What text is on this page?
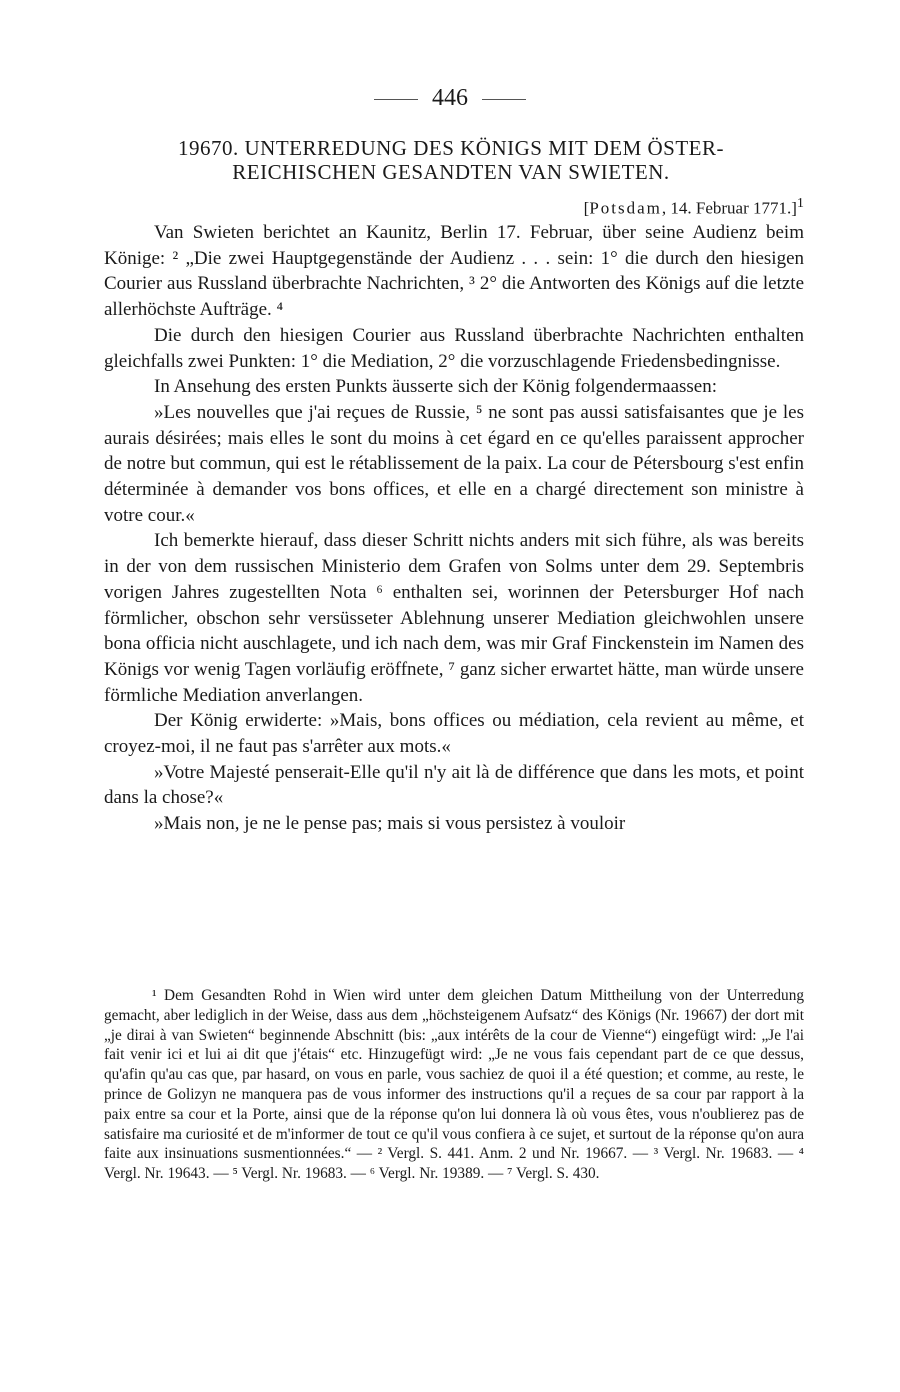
446
19670. UNTERREDUNG DES KÖNIGS MIT DEM ÖSTER-
REICHISCHEN GESANDTEN VAN SWIETEN.
[Potsdam, 14. Februar 1771.]$^1$

Van Swieten berichtet an Kaunitz, Berlin 17. Februar, über seine Audienz beim Könige: ² „Die zwei Hauptgegenstände der Audienz . . . sein: 1° die durch den hiesigen Courier aus Russland überbrachte Nachrichten, ³ 2° die Antworten des Königs auf die letzte allerhöchste Aufträge. ⁴

Die durch den hiesigen Courier aus Russland überbrachte Nachrichten enthalten gleichfalls zwei Punkten: 1° die Mediation, 2° die vorzuschlagende Friedensbedingnisse.

In Ansehung des ersten Punkts äusserte sich der König folgendermaassen:

»Les nouvelles que j'ai reçues de Russie, ⁵ ne sont pas aussi satisfaisantes que je les aurais désirées; mais elles le sont du moins à cet égard en ce qu'elles paraissent approcher de notre but commun, qui est le rétablissement de la paix. La cour de Pétersbourg s'est enfin déterminée à demander vos bons offices, et elle en a chargé directement son ministre à votre cour.«

Ich bemerkte hierauf, dass dieser Schritt nichts anders mit sich führe, als was bereits in der von dem russischen Ministerio dem Grafen von Solms unter dem 29. Septembris vorigen Jahres zugestellten Nota ⁶ enthalten sei, worinnen der Petersburger Hof nach förmlicher, obschon sehr versüsseter Ablehnung unserer Mediation gleichwohlen unsere bona officia nicht auschlagete, und ich nach dem, was mir Graf Finckenstein im Namen des Königs vor wenig Tagen vorläufig eröffnete, ⁷ ganz sicher erwartet hätte, man würde unsere förmliche Mediation anverlangen.

Der König erwiderte: »Mais, bons offices ou médiation, cela revient au même, et croyez-moi, il ne faut pas s'arrêter aux mots.«

»Votre Majesté penserait-Elle qu'il n'y ait là de différence que dans les mots, et point dans la chose?«

»Mais non, je ne le pense pas; mais si vous persistez à vouloir

¹ Dem Gesandten Rohd in Wien wird unter dem gleichen Datum Mittheilung von der Unterredung gemacht, aber lediglich in der Weise, dass aus dem „höchsteigenem Aufsatz“ des Königs (Nr. 19667) der dort mit „je dirai à van Swieten“ beginnende Abschnitt (bis: „aux intérêts de la cour de Vienne“) eingefügt wird: „Je l'ai fait venir ici et lui ai dit que j'étais“ etc. Hinzugefügt wird: „Je ne vous fais cependant part de ce que dessus, qu'afin qu'au cas que, par hasard, on vous en parle, vous sachiez de quoi il a été question; et comme, au reste, le prince de Golizyn ne manquera pas de vous informer des instructions qu'il a reçues de sa cour par rapport à la paix entre sa cour et la Porte, ainsi que de la réponse qu'on lui donnera là où vous êtes, vous n'oublierez pas de satisfaire ma curiosité et de m'informer de tout ce qu'il vous confiera à ce sujet, et surtout de la réponse qu'on aura faite aux insinuations susmentionnées.“ — ² Vergl. S. 441. Anm. 2 und Nr. 19667. — ³ Vergl. Nr. 19683. — ⁴ Vergl. Nr. 19643. — ⁵ Vergl. Nr. 19683. — ⁶ Vergl. Nr. 19389. — ⁷ Vergl. S. 430.
